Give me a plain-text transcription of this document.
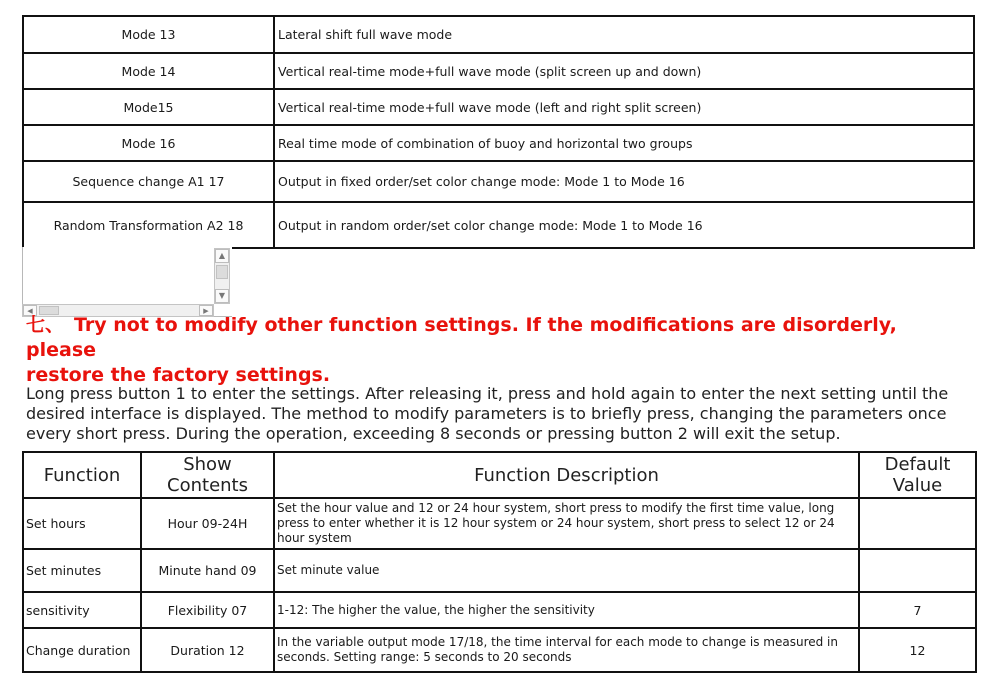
Mode 13	Lateral shift full wave mode
Mode 14	Vertical real-time mode+full wave mode (split screen up and down)
Mode15	Vertical real-time mode+full wave mode (left and right split screen)
Mode 16	Real time mode of combination of buoy and horizontal two groups
Sequence change A1 17	Output in fixed order/set color change mode: Mode 1 to Mode 16
Random Transformation A2 18	Output in random order/set color change mode: Mode 1 to Mode 16
▲
▼
◀	▶
七、 Try not to modify other function settings. If the modifications are disorderly, please
restore the factory settings.

Long press button 1 to enter the settings. After releasing it, press and hold again to enter the next setting until the desired interface is displayed. The method to modify parameters is to briefly press, changing the parameters once every short press. During the operation, exceeding 8 seconds or pressing button 2 will exit the setup.

Function	Show Contents	Function Description	Default Value
Set hours	Hour 09-24H	Set the hour value and 12 or 24 hour system, short press to modify the first time value, long press to enter whether it is 12 hour system or 24 hour system, short press to select 12 or 24 hour system	
Set minutes	Minute hand 09	Set minute value	
sensitivity	Flexibility 07	1-12: The higher the value, the higher the sensitivity	7
Change duration	Duration 12	In the variable output mode 17/18, the time interval for each mode to change is measured in seconds. Setting range: 5 seconds to 20 seconds	12
